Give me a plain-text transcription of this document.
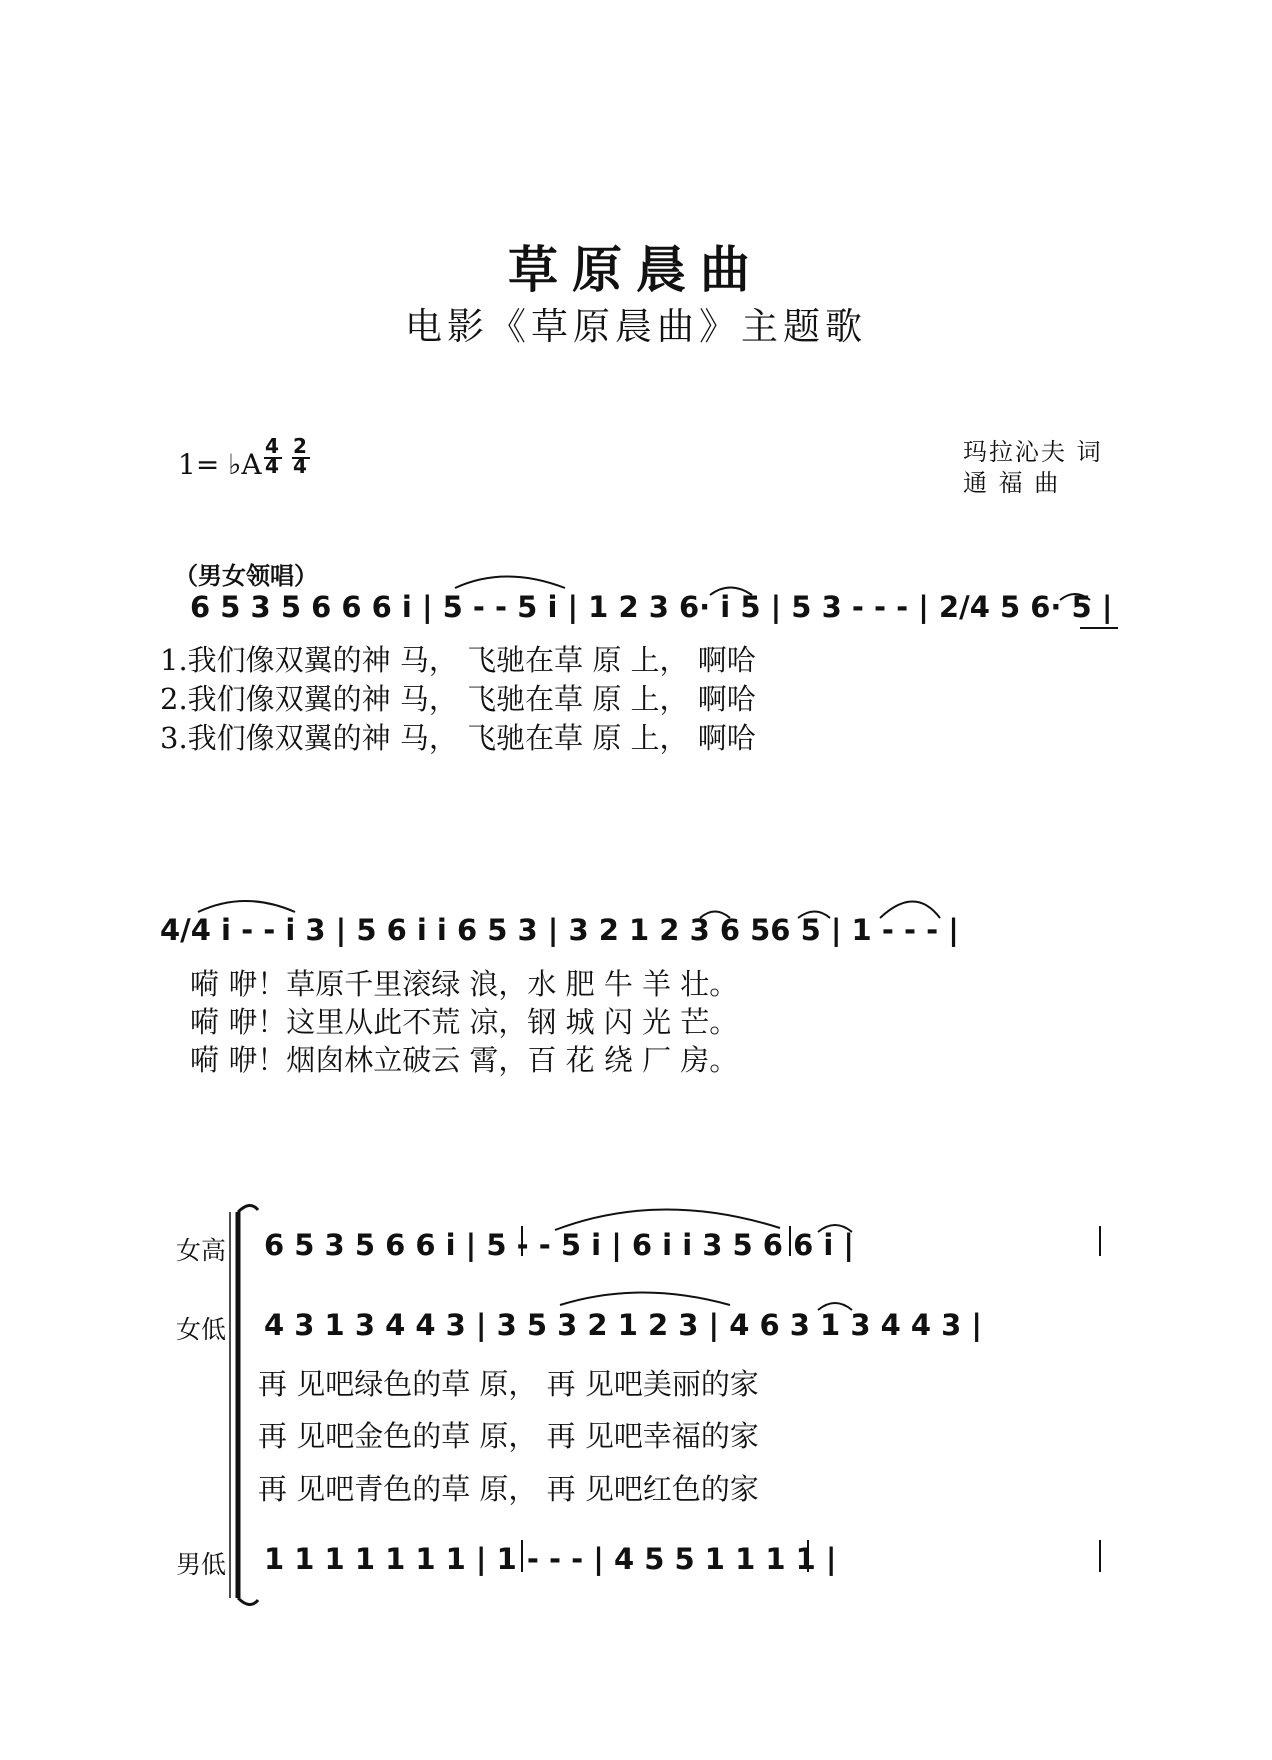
草原晨曲
电影《草原晨曲》主题歌
1= ♭A
4
4
2
4	玛拉沁夫 词
通 福 曲
（男女领唱）
6 5 3 5 6 6 6 i | 5 - - 5 i | 1 2 3 6· i 5 | 5 3 - - - | 2/4 5 6· 5 |
1.我们像双翼的神 马， 飞驰在草 原 上， 啊哈
2.我们像双翼的神 马， 飞驰在草 原 上， 啊哈
3.我们像双翼的神 马， 飞驰在草 原 上， 啊哈
4/4 i - - i 3 | 5 6 i i 6 5 3 | 3 2 1 2 3 6 56 5 | 1 - - - |
嗬 咿！草原千里滚绿 浪，水 肥 牛 羊 壮。
嗬 咿！这里从此不荒 凉，钢 城 闪 光 芒。
嗬 咿！烟囱林立破云 霄，百 花 绕 厂 房。
女高 6 5 3 5 6 6 i | 5 - - 5 i | 6 i i 3 5 6 6 i |
女低 4 3 1 3 4 4 3 | 3 5 3 2 1 2 3 | 4 6 3 1 3 4 4 3 |
再 见吧绿色的草 原， 再 见吧美丽的家
再 见吧金色的草 原， 再 见吧幸福的家
再 见吧青色的草 原， 再 见吧红色的家
男低 1 1 1 1 1 1 1 | 1 - - - | 4 5 5 1 1 1 1 |
